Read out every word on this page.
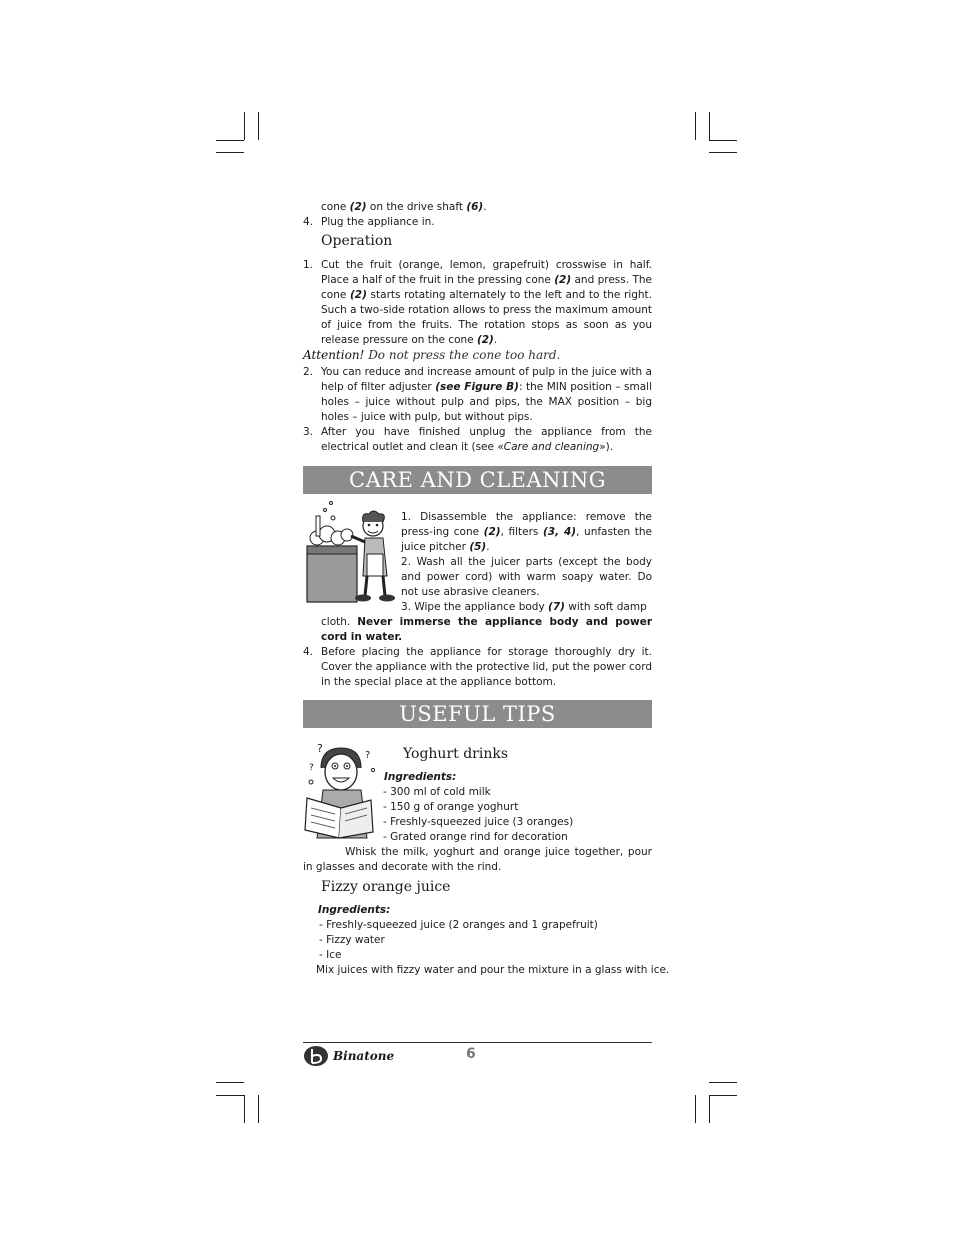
cone (2) on the drive shaft (6).
4. Plug the appliance in.
Operation
1. Cut the fruit (orange, lemon, grapefruit) crosswise in half. Place a half of the fruit in the pressing cone (2) and press. The cone (2) starts rotating alternately to the left and to the right. Such a two-side rotation allows to press the maximum amount of juice from the fruits. The rotation stops as soon as you release pressure on the cone (2).
Attention! Do not press the cone too hard.
2. You can reduce and increase amount of pulp in the juice with a help of filter adjuster (see Figure B): the MIN position – small holes – juice without pulp and pips, the MAX position – big holes – juice with pulp, but without pips.
3. After you have finished unplug the appliance from the electrical outlet and clean it (see «Care and cleaning»).
CARE AND CLEANING
1. Disassemble the appliance: remove the press-ing cone (2), filters (3, 4), unfasten the juice pitcher (5).
2. Wash all the juicer parts (except the body and power cord) with warm soapy water. Do not use abrasive cleaners.
3. Wipe the appliance body (7) with soft damp
cloth. Never immerse the appliance body and power cord in water.
4. Before placing the appliance for storage thoroughly dry it. Cover the appliance with the protective lid, put the power cord in the special place at the appliance bottom.
USEFUL TIPS
?
?
?
Yoghurt drinks
Ingredients:
- 300 ml of cold milk
- 150 g of orange yoghurt
- Freshly-squeezed juice (3 oranges)
- Grated orange rind for decoration
Whisk the milk, yoghurt and orange juice together, pour in glasses and decorate with the rind.
Fizzy orange juice
Ingredients:
- Freshly-squeezed juice (2 oranges and 1 grapefruit)
- Fizzy water
- Ice
Mix juices with fizzy water and pour the mixture in a glass with ice.
Binatone	6
